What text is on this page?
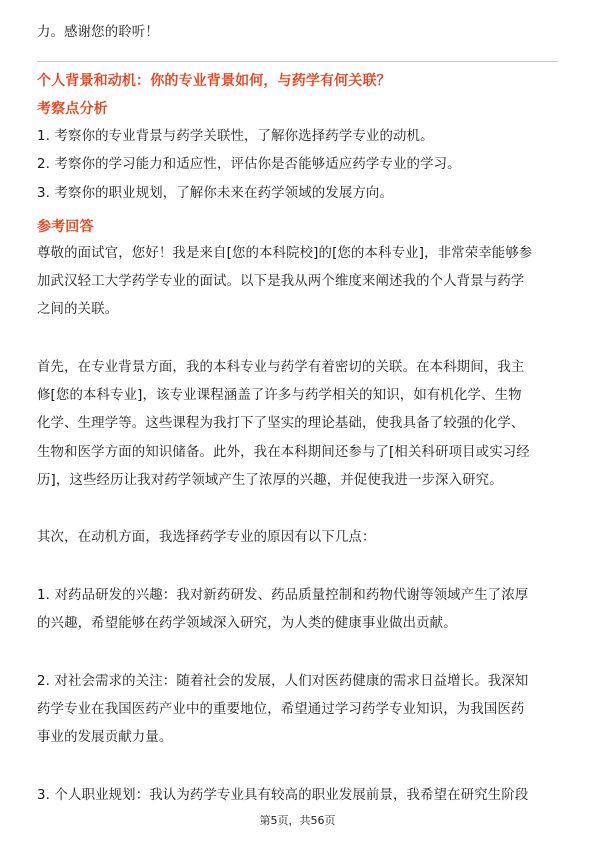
力。感谢您的聆听！
个人背景和动机：你的专业背景如何，与药学有何关联？
考察点分析
1. 考察你的专业背景与药学关联性，了解你选择药学专业的动机。
2. 考察你的学习能力和适应性，评估你是否能够适应药学专业的学习。
3. 考察你的职业规划，了解你未来在药学领域的发展方向。
参考回答
尊敬的面试官，您好！我是来自[您的本科院校]的[您的本科专业]，非常荣幸能够参
加武汉轻工大学药学专业的面试。以下是我从两个维度来阐述我的个人背景与药学
之间的关联。
首先，在专业背景方面，我的本科专业与药学有着密切的关联。在本科期间，我主
修[您的本科专业]，该专业课程涵盖了许多与药学相关的知识，如有机化学、生物
化学、生理学等。这些课程为我打下了坚实的理论基础，使我具备了较强的化学、
生物和医学方面的知识储备。此外，我在本科期间还参与了[相关科研项目或实习经
历]，这些经历让我对药学领域产生了浓厚的兴趣，并促使我进一步深入研究。
其次，在动机方面，我选择药学专业的原因有以下几点：
1. 对药品研发的兴趣：我对新药研发、药品质量控制和药物代谢等领域产生了浓厚
的兴趣，希望能够在药学领域深入研究，为人类的健康事业做出贡献。
2. 对社会需求的关注：随着社会的发展，人们对医药健康的需求日益增长。我深知
药学专业在我国医药产业中的重要地位，希望通过学习药学专业知识，为我国医药
事业的发展贡献力量。
3. 个人职业规划：我认为药学专业具有较高的职业发展前景，我希望在研究生阶段
第5页，共56页
